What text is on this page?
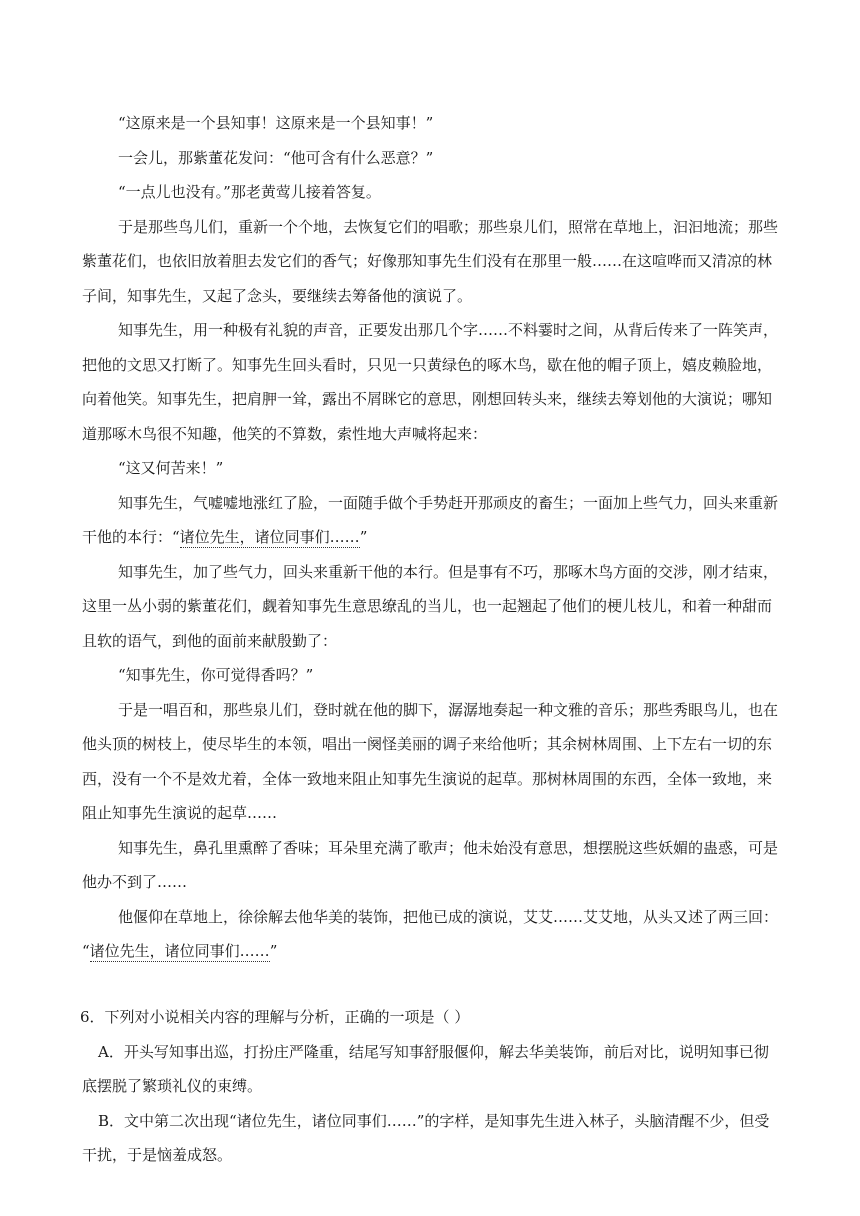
“这原来是一个县知事！这原来是一个县知事！”

一会儿，那紫董花发问：“他可含有什么恶意？”

“一点儿也没有。”那老黄莺儿接着答复。

于是那些鸟儿们，重新一个个地，去恢复它们的唱歌；那些泉儿们，照常在草地上，汩汩地流；那些

紫董花们，也依旧放着胆去发它们的香气；好像那知事先生们没有在那里一般……在这喧哗而又清凉的林

子间，知事先生，又起了念头，要继续去筹备他的演说了。

知事先生，用一种极有礼貌的声音，正要发出那几个字……不料霎时之间，从背后传来了一阵笑声，

把他的文思又打断了。知事先生回头看时，只见一只黄绿色的啄木鸟，歇在他的帽子顶上，嬉皮赖脸地，

向着他笑。知事先生，把肩胛一耸，露出不屑眯它的意思，刚想回转头来，继续去筹划他的大演说；哪知

道那啄木鸟很不知趣，他笑的不算数，索性地大声喊将起来：

“这又何苦来！”

知事先生，气嘘嘘地涨红了脸，一面随手做个手势赶开那顽皮的畜生；一面加上些气力，回头来重新

干他的本行：“诸位先生，诸位同事们……”

知事先生，加了些气力，回头来重新干他的本行。但是事有不巧，那啄木鸟方面的交涉，刚才结束，

这里一丛小弱的紫董花们，觑着知事先生意思缭乱的当儿，也一起翘起了他们的梗儿枝儿，和着一种甜而

且软的语气，到他的面前来献殷勤了：

“知事先生，你可觉得香吗？”

于是一唱百和，那些泉儿们，登时就在他的脚下，潺潺地奏起一种文雅的音乐；那些秀眼鸟儿，也在

他头顶的树枝上，使尽毕生的本领，唱出一阕怪美丽的调子来给他听；其余树林周围、上下左右一切的东

西，没有一个不是效尤着，全体一致地来阻止知事先生演说的起草。那树林周围的东西，全体一致地，来

阻止知事先生演说的起草……

知事先生，鼻孔里熏醉了香味；耳朵里充满了歌声；他未始没有意思，想摆脱这些妖媚的蛊惑，可是

他办不到了……

他偃仰在草地上，徐徐解去他华美的装饰，把他已成的演说，艾艾……艾艾地，从头又述了两三回：

“诸位先生，诸位同事们……”

6．下列对小说相关内容的理解与分析，正确的一项是（ ）

A．开头写知事出巡，打扮庄严隆重，结尾写知事舒服偃仰，解去华美装饰，前后对比，说明知事已彻

底摆脱了繁琐礼仪的束缚。

B．文中第二次出现“诸位先生，诸位同事们……”的字样，是知事先生进入林子，头脑清醒不少，但受

干扰，于是恼羞成怒。
